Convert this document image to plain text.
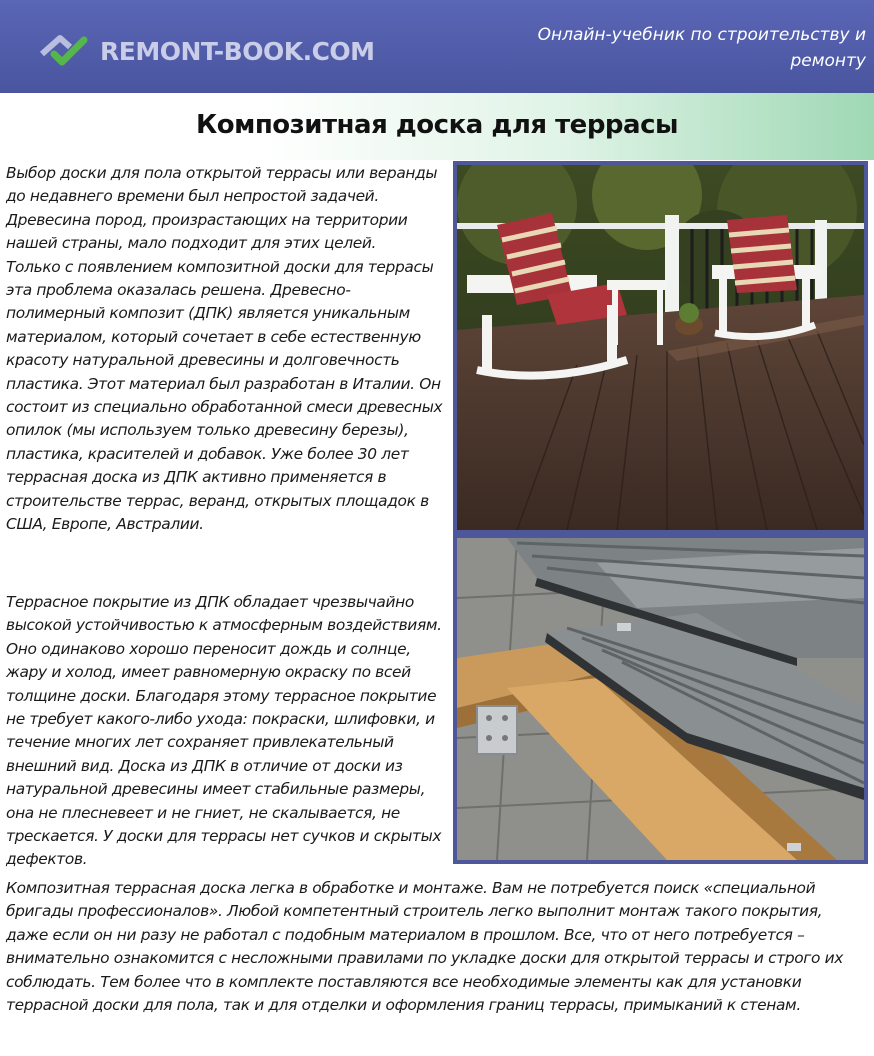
REMONT-BOOK.COM
Онлайн-учебник по строительству и ремонту
Композитная доска для террасы

Выбор доски для пола открытой террасы или веранды до недавнего времени был непростой задачей. Древесина пород, произрастающих на территории нашей страны, мало подходит для этих целей.
Только с появлением композитной доски для террасы эта проблема оказалась решена. Древесно-полимерный композит (ДПК) является уникальным материалом, который сочетает в себе естественную красоту натуральной древесины и долговечность пластика. Этот материал был разработан в Италии. Он состоит из специально обработанной смеси древесных опилок (мы используем только древесину березы), пластика, красителей и добавок. Уже более 30 лет террасная доска из ДПК активно применяется в строительстве террас, веранд, открытых площадок в США, Европе, Австралии.

Террасное покрытие из ДПК обладает чрезвычайно высокой устойчивостью к атмосферным воздействиям. Оно одинаково хорошо переносит дождь и солнце, жару и холод, имеет равномерную окраску по всей толщине доски. Благодаря этому террасное покрытие не требует какого-либо ухода: покраски, шлифовки, и течение многих лет сохраняет привлекательный внешний вид. Доска из ДПК в отличие от доски из натуральной древесины имеет стабильные размеры, она не плесневеет и не гниет, не скалывается, не трескается. У доски для террасы нет сучков и скрытых дефектов.

Композитная террасная доска легка в обработке и монтаже. Вам не потребуется поиск «специальной бригады профессионалов». Любой компетентный строитель легко выполнит монтаж такого покрытия, даже если он ни разу не работал с подобным материалом в прошлом. Все, что от него потребуется – внимательно ознакомится с несложными правилами по укладке доски для открытой террасы и строго их соблюдать. Тем более что в комплекте поставляются все необходимые элементы как для установки террасной доски для пола, так и для отделки и оформления границ террасы, примыканий к стенам.
